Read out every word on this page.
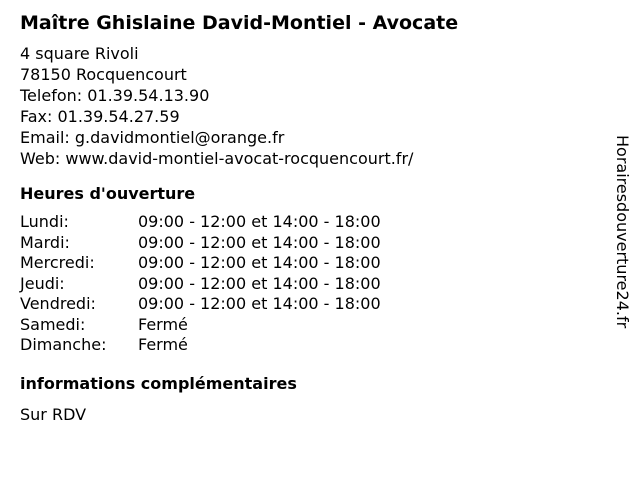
Maître Ghislaine David-Montiel - Avocate
4 square Rivoli
78150 Rocquencourt
Telefon: 01.39.54.13.90
Fax: 01.39.54.27.59
Email: g.davidmontiel@orange.fr
Web: www.david-montiel-avocat-rocquencourt.fr/
Heures d'ouverture
Lundi:	09:00 - 12:00 et 14:00 - 18:00
Mardi:	09:00 - 12:00 et 14:00 - 18:00
Mercredi:	09:00 - 12:00 et 14:00 - 18:00
Jeudi:	09:00 - 12:00 et 14:00 - 18:00
Vendredi:	09:00 - 12:00 et 14:00 - 18:00
Samedi:	Fermé
Dimanche: Fermé
informations complémentaires
Sur RDV
Horairesdouverture24.fr
